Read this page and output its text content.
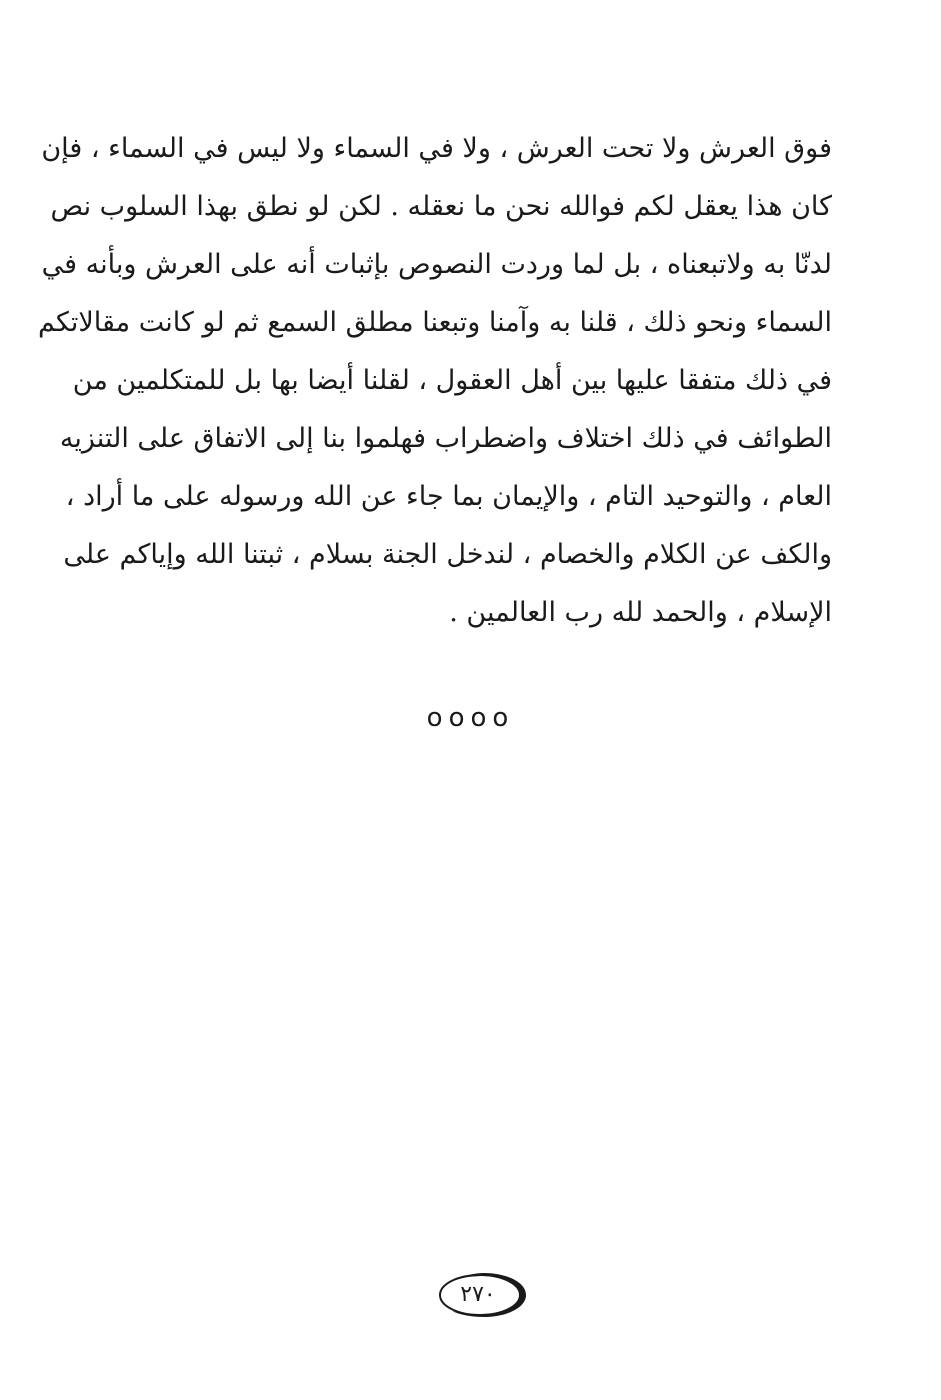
فوق العرش ولا تحت العرش ، ولا في السماء ولا ليس في السماء ، فإن
كان هذا يعقل لكم فوالله نحن ما نعقله . لكن لو نطق بهذا السلوب نص
لدنّا به ولاتبعناه ، بل لما وردت النصوص بإثبات أنه على العرش وبأنه في
السماء ونحو ذلك ، قلنا به وآمنا وتبعنا مطلق السمع ثم لو كانت مقالاتكم
في ذلك متفقا عليها بين أهل العقول ، لقلنا أيضا بها بل للمتكلمين من
الطوائف في ذلك اختلاف واضطراب فهلموا بنا إلى الاتفاق على التنزيه
العام ، والتوحيد التام ، والإيمان بما جاء عن الله ورسوله على ما أراد ،
والكف عن الكلام والخصام ، لندخل الجنة بسلام ، ثبتنا الله وإياكم على
الإسلام ، والحمد لله رب العالمين .
oooo
٢٧٠
